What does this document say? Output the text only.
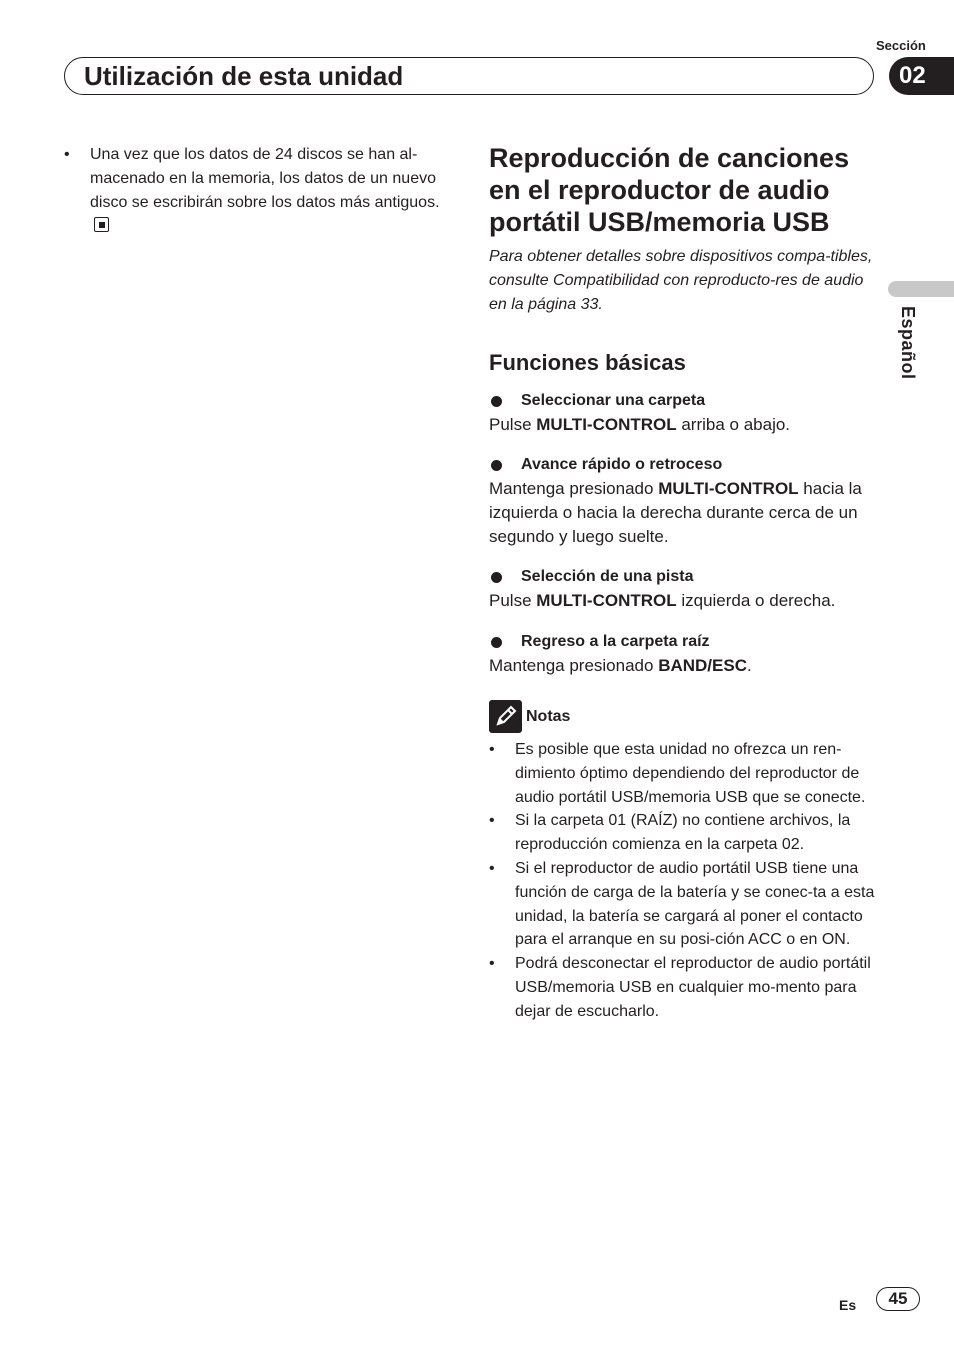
Sección
Utilización de esta unidad	02
Español
• Una vez que los datos de 24 discos se han al-macenado en la memoria, los datos de un nuevo disco se escribirán sobre los datos más antiguos.
Reproducción de canciones en el reproductor de audio portátil USB/memoria USB
Para obtener detalles sobre dispositivos compa-tibles, consulte Compatibilidad con reproducto-res de audio en la página 33.
Funciones básicas
Seleccionar una carpeta
Pulse MULTI-CONTROL arriba o abajo.
Avance rápido o retroceso
Mantenga presionado MULTI-CONTROL hacia la izquierda o hacia la derecha durante cerca de un segundo y luego suelte.
Selección de una pista
Pulse MULTI-CONTROL izquierda o derecha.
Regreso a la carpeta raíz
Mantenga presionado BAND/ESC.
Notas
• Es posible que esta unidad no ofrezca un ren-dimiento óptimo dependiendo del reproductor de audio portátil USB/memoria USB que se conecte.
• Si la carpeta 01 (RAÍZ) no contiene archivos, la reproducción comienza en la carpeta 02.
• Si el reproductor de audio portátil USB tiene una función de carga de la batería y se conec-ta a esta unidad, la batería se cargará al poner el contacto para el arranque en su posi-ción ACC o en ON.
• Podrá desconectar el reproductor de audio portátil USB/memoria USB en cualquier mo-mento para dejar de escucharlo.
Es	45
